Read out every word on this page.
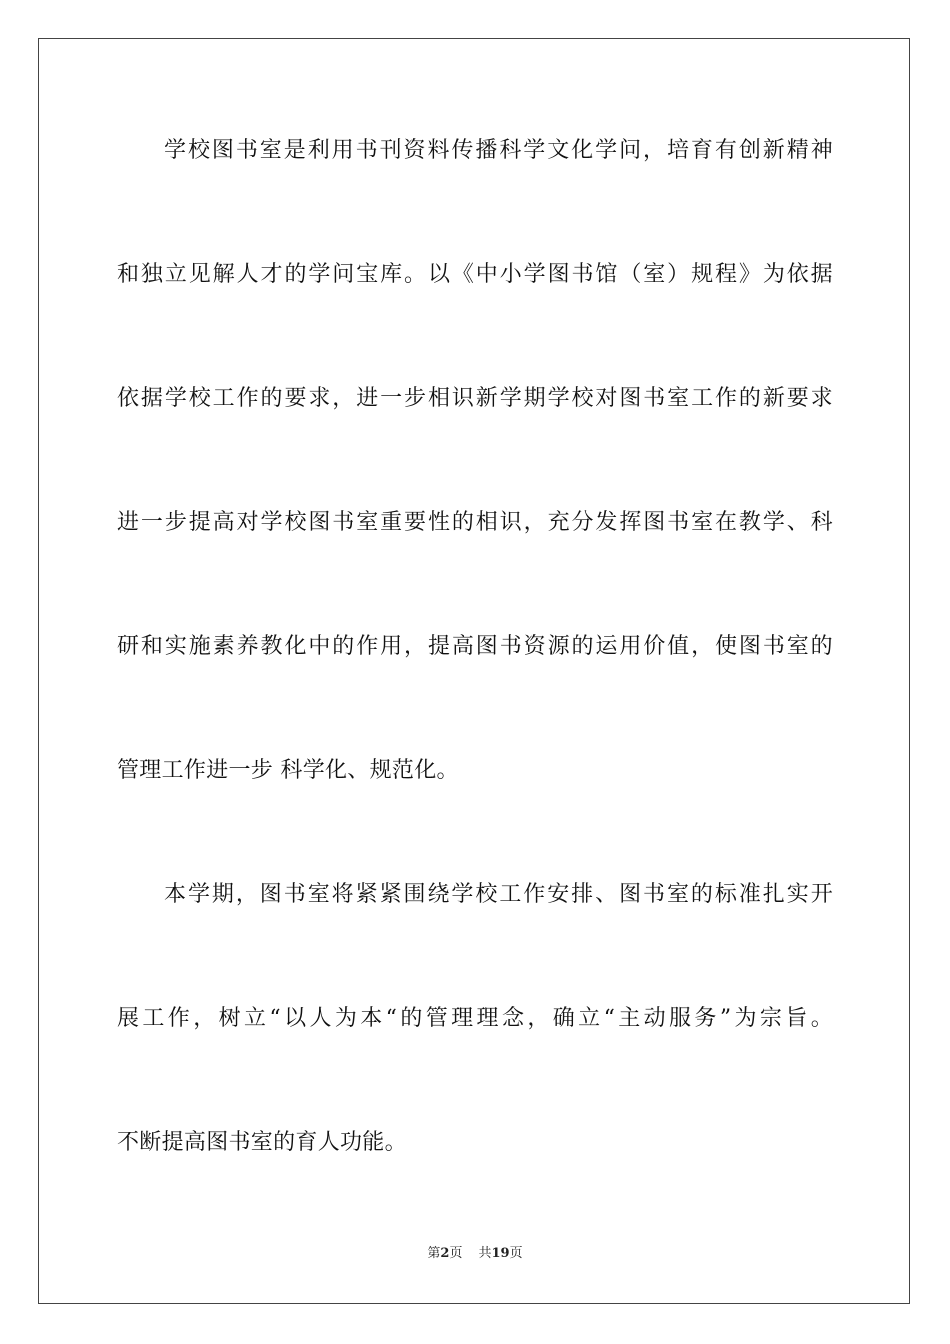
学校图书室是利用书刊资料传播科学文化学问，培育有创新精神
和独立见解人才的学问宝库。以《中小学图书馆（室）规程》为依据
依据学校工作的要求，进一步相识新学期学校对图书室工作的新要求
进一步提高对学校图书室重要性的相识，充分发挥图书室在教学、科
研和实施素养教化中的作用，提高图书资源的运用价值，使图书室的
管理工作进一步 科学化、规范化。
本学期，图书室将紧紧围绕学校工作安排、图书室的标准扎实开
展工作，树立“以人为本“的管理理念，确立“主动服务”为宗旨。
不断提高图书室的育人功能。
第2页 共19页
